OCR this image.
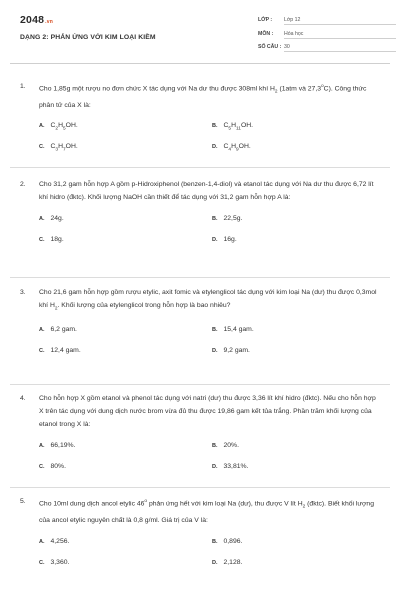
2048.vn
DẠNG 2: PHẢN ỨNG VỚI KIM LOẠI KIỀM
LỚP :	Lớp 12
MÔN :	Hóa học
SỐ CÂU : 30
1.	Cho 1,85g một rượu no đơn chức X tác dụng với Na dư thu được 308ml khí $H_2$ (1atm và 27,3$^o$C). Công thức phân tử của X là:
A. $C_2H_5OH$.	B. $C_5H_{11}OH$.
C. $C_3H_7OH$.	D. $C_4H_9OH$.
2.	Cho 31,2 gam hỗn hợp A gồm p-Hidroxiphenol (benzen-1,4-diol) và etanol tác dụng với Na dư thu được 6,72 lít khí hidro (đktc). Khối lượng NaOH cần thiết để tác dụng với 31,2 gam hỗn hợp A là:
A. 24g.	B. 22,5g.
C. 18g.	D. 16g.
3.	Cho 21,6 gam hỗn hợp gồm rượu etylic, axit fomic và etylenglicol tác dụng với kim loại Na (dư) thu được 0,3mol khí $H_2$. Khối lượng của etylenglicol trong hỗn hợp là bao nhiêu?
A. 6,2 gam.	B. 15,4 gam.
C. 12,4 gam.	D. 9,2 gam.
4.	Cho hỗn hợp X gồm etanol và phenol tác dụng với natri (dư) thu được 3,36 lít khí hidro (đktc). Nếu cho hỗn hợp X trên tác dụng với dung dịch nước brom vừa đủ thu được 19,86 gam kết tủa trắng. Phần trăm khối lượng của etanol trong X là:
A. 66,19%.	B. 20%.
C. 80%.	D. 33,81%.
5.	Cho 10ml dung dịch ancol etylic 46$^o$ phản ứng hết với kim loại Na (dư), thu được V lít $H_2$ (đktc). Biết khối lượng của ancol etylic nguyên chất là 0,8 g/ml. Giá trị của V là:
A. 4,256.	B. 0,896.
C. 3,360.	D. 2,128.
